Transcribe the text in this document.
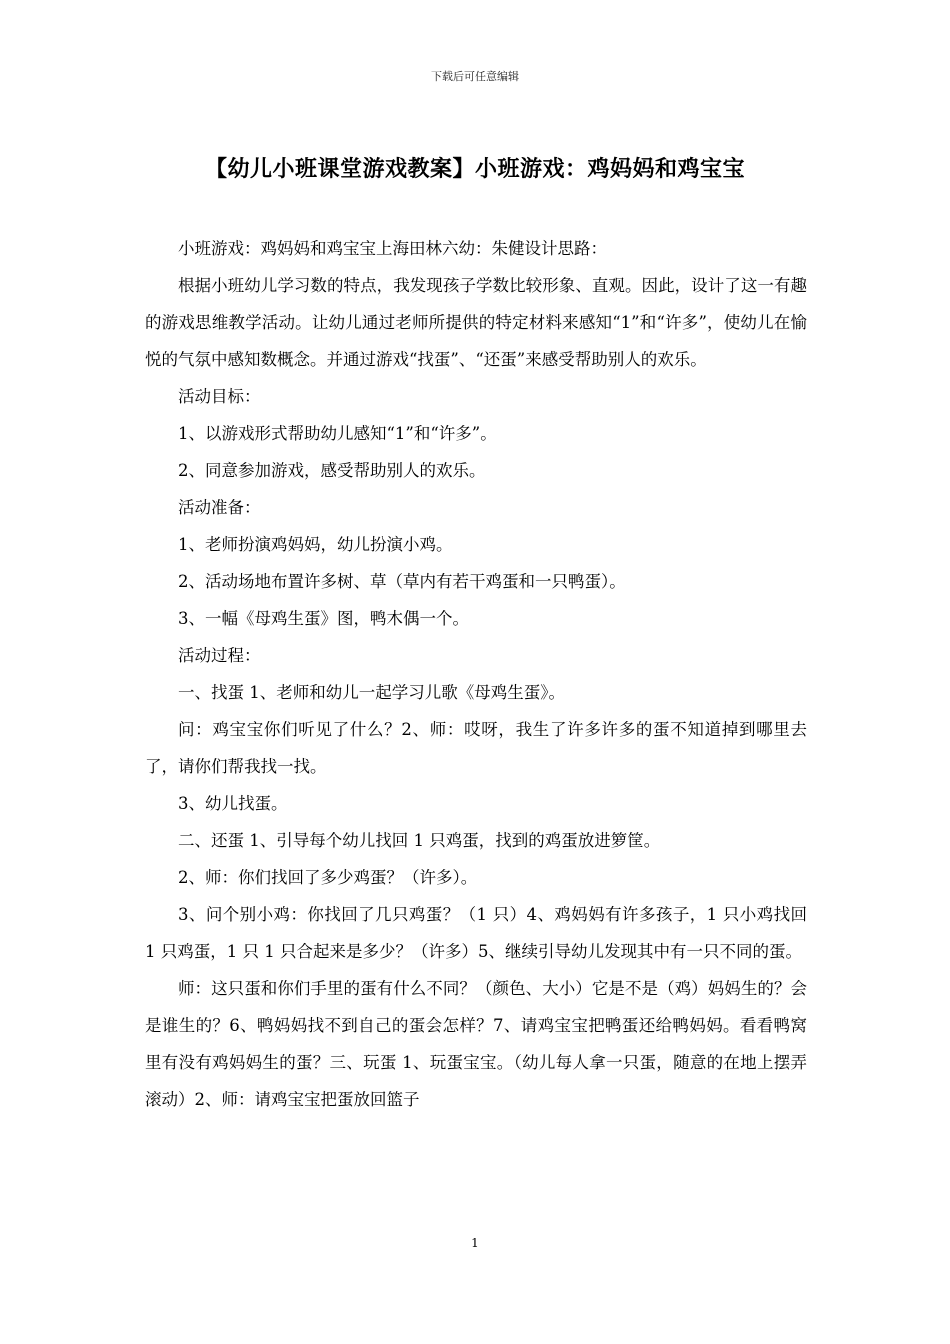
下载后可任意编辑
【幼儿小班课堂游戏教案】小班游戏：鸡妈妈和鸡宝宝

小班游戏：鸡妈妈和鸡宝宝上海田林六幼：朱健设计思路：

根据小班幼儿学习数的特点，我发现孩子学数比较形象、直观。因此，设计了这一有趣的游戏思维教学活动。让幼儿通过老师所提供的特定材料来感知“1”和“许多”，使幼儿在愉悦的气氛中感知数概念。并通过游戏“找蛋”、“还蛋”来感受帮助别人的欢乐。

活动目标：

1、以游戏形式帮助幼儿感知“1”和“许多”。

2、同意参加游戏，感受帮助别人的欢乐。

活动准备：

1、老师扮演鸡妈妈，幼儿扮演小鸡。

2、活动场地布置许多树、草（草内有若干鸡蛋和一只鸭蛋）。

3、一幅《母鸡生蛋》图，鸭木偶一个。

活动过程：

一、找蛋 1、老师和幼儿一起学习儿歌《母鸡生蛋》。

问：鸡宝宝你们听见了什么？2、师：哎呀，我生了许多许多的蛋不知道掉到哪里去了，请你们帮我找一找。

3、幼儿找蛋。

二、还蛋 1、引导每个幼儿找回 1 只鸡蛋，找到的鸡蛋放进箩筐。

2、师：你们找回了多少鸡蛋？（许多）。

3、问个别小鸡：你找回了几只鸡蛋？（1 只）4、鸡妈妈有许多孩子，1 只小鸡找回 1 只鸡蛋，1 只 1 只合起来是多少？（许多）5、继续引导幼儿发现其中有一只不同的蛋。

师：这只蛋和你们手里的蛋有什么不同？（颜色、大小）它是不是（鸡）妈妈生的？会是谁生的？6、鸭妈妈找不到自己的蛋会怎样？7、请鸡宝宝把鸭蛋还给鸭妈妈。看看鸭窝里有没有鸡妈妈生的蛋？三、玩蛋 1、玩蛋宝宝。（幼儿每人拿一只蛋，随意的在地上摆弄滚动）2、师：请鸡宝宝把蛋放回篮子

1
